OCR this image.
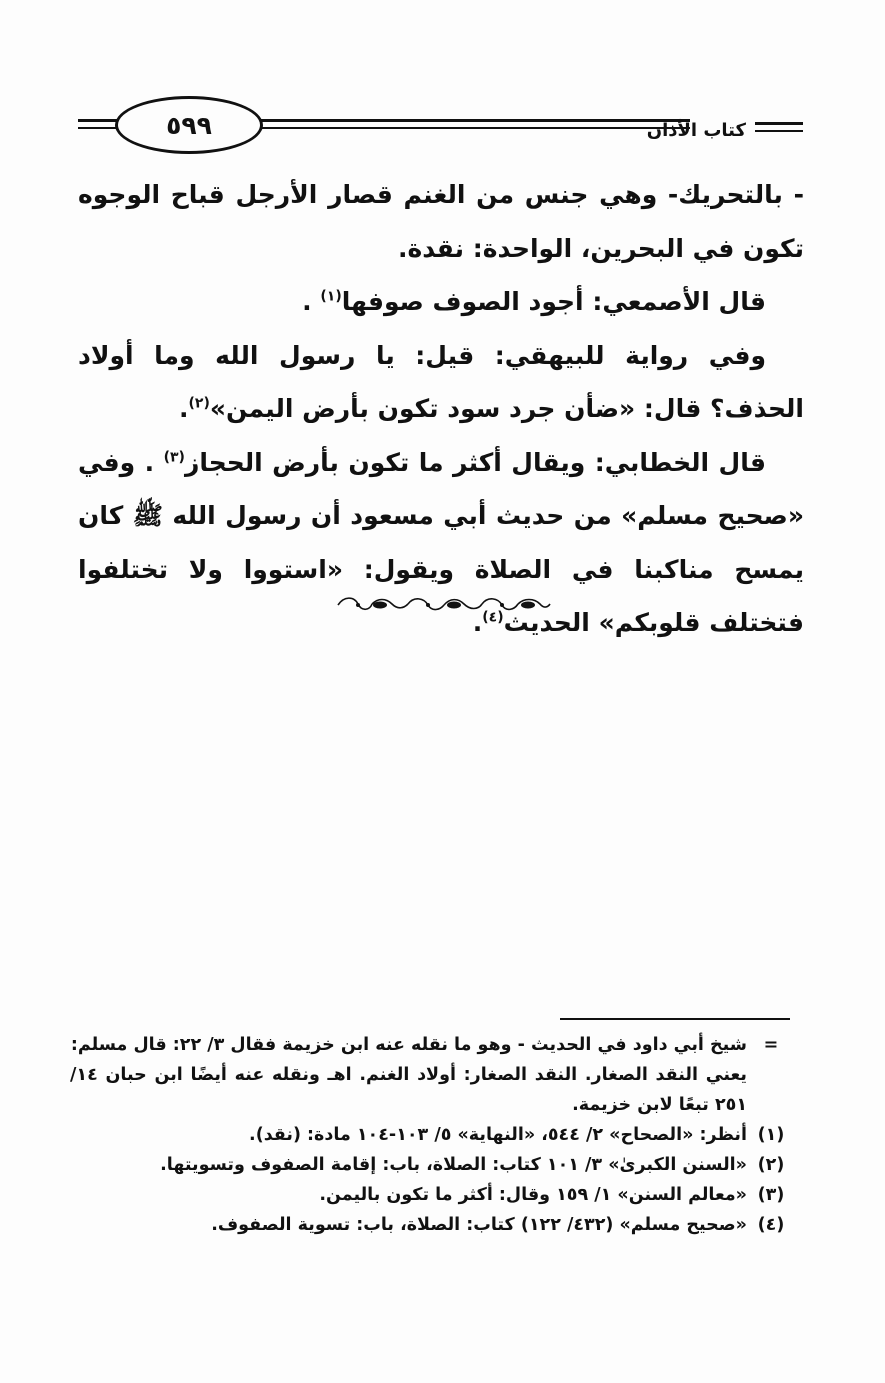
٥٩٩	كتاب الأذان

- بالتحريك- وهي جنس من الغنم قصار الأرجل قباح الوجوه تكون في البحرين، الواحدة: نقدة.

قال الأصمعي: أجود الصوف صوفها$^{(١)}$ .

وفي رواية للبيهقي: قيل: يا رسول الله وما أولاد الحذف؟ قال: «ضأن جرد سود تكون بأرض اليمن»$^{(٢)}$.

قال الخطابي: ويقال أكثر ما تكون بأرض الحجاز$^{(٣)}$ . وفي «صحيح مسلم» من حديث أبي مسعود أن رسول الله ﷺ كان يمسح مناكبنا في الصلاة ويقول: «استووا ولا تختلفوا فتختلف قلوبكم» الحديث$^{(٤)}$.

=
شيخ أبي داود في الحديث - وهو ما نقله عنه ابن خزيمة فقال ٣/ ٢٢: قال مسلم:
يعني النقد الصغار. النقد الصغار: أولاد الغنم. اهـ ونقله عنه أيضًا ابن حبان ١٤/ ٢٥١ تبعًا لابن خزيمة.
(١)
أنظر: «الصحاح» ٢/ ٥٤٤، «النهاية» ٥/ ١٠٣-١٠٤ مادة: (نقد).
(٢)
«السنن الكبرىٰ» ٣/ ١٠١ كتاب: الصلاة، باب: إقامة الصفوف وتسويتها.
(٣)
«معالم السنن» ١/ ١٥٩ وقال: أكثر ما تكون باليمن.
(٤)
«صحيح مسلم» (٤٣٢/ ١٢٢) كتاب: الصلاة، باب: تسوية الصفوف.
